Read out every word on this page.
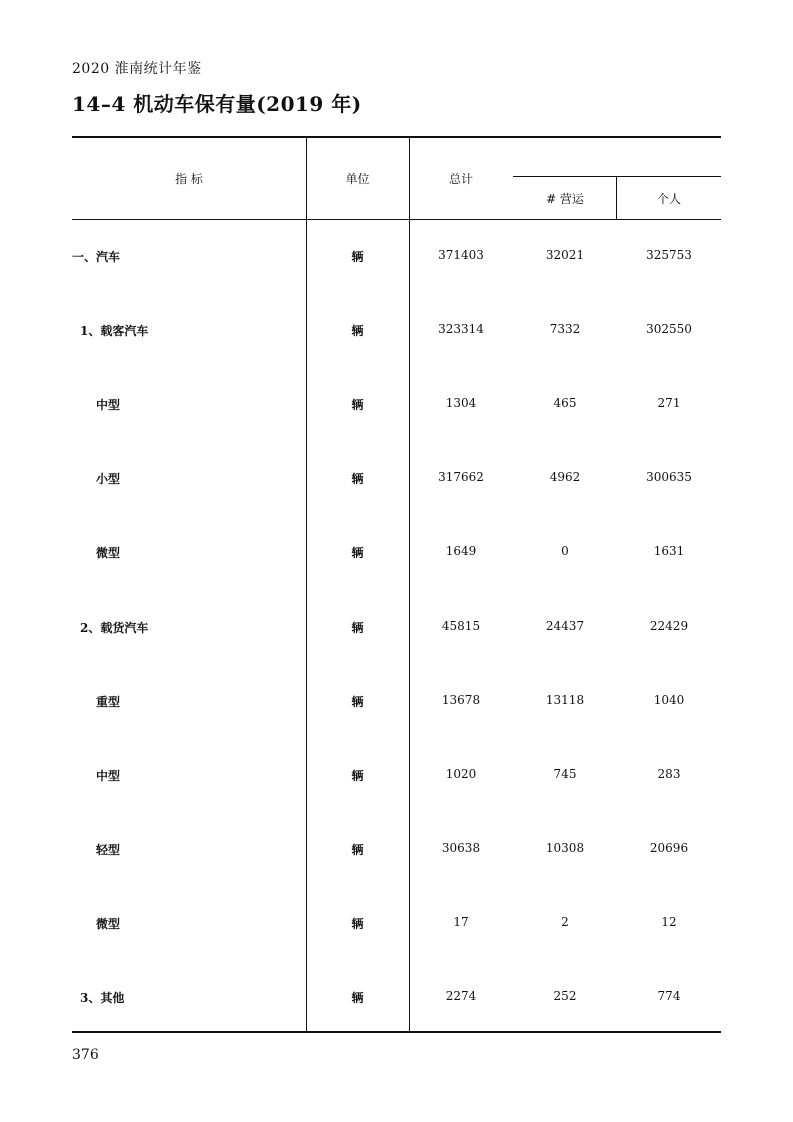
2020 淮南统计年鉴
14–4 机动车保有量(2019 年)
指 标	单位	总计
# 营运	个人
一、汽车	辆	371403	32021	325753
1、载客汽车	辆	323314	7332	302550
中型	辆	1304	465	271
小型	辆	317662	4962	300635
微型	辆	1649	0	1631
2、载货汽车	辆	45815	24437	22429
重型	辆	13678	13118	1040
中型	辆	1020	745	283
轻型	辆	30638	10308	20696
微型	辆	17	2	12
3、其他	辆	2274	252	774
376
